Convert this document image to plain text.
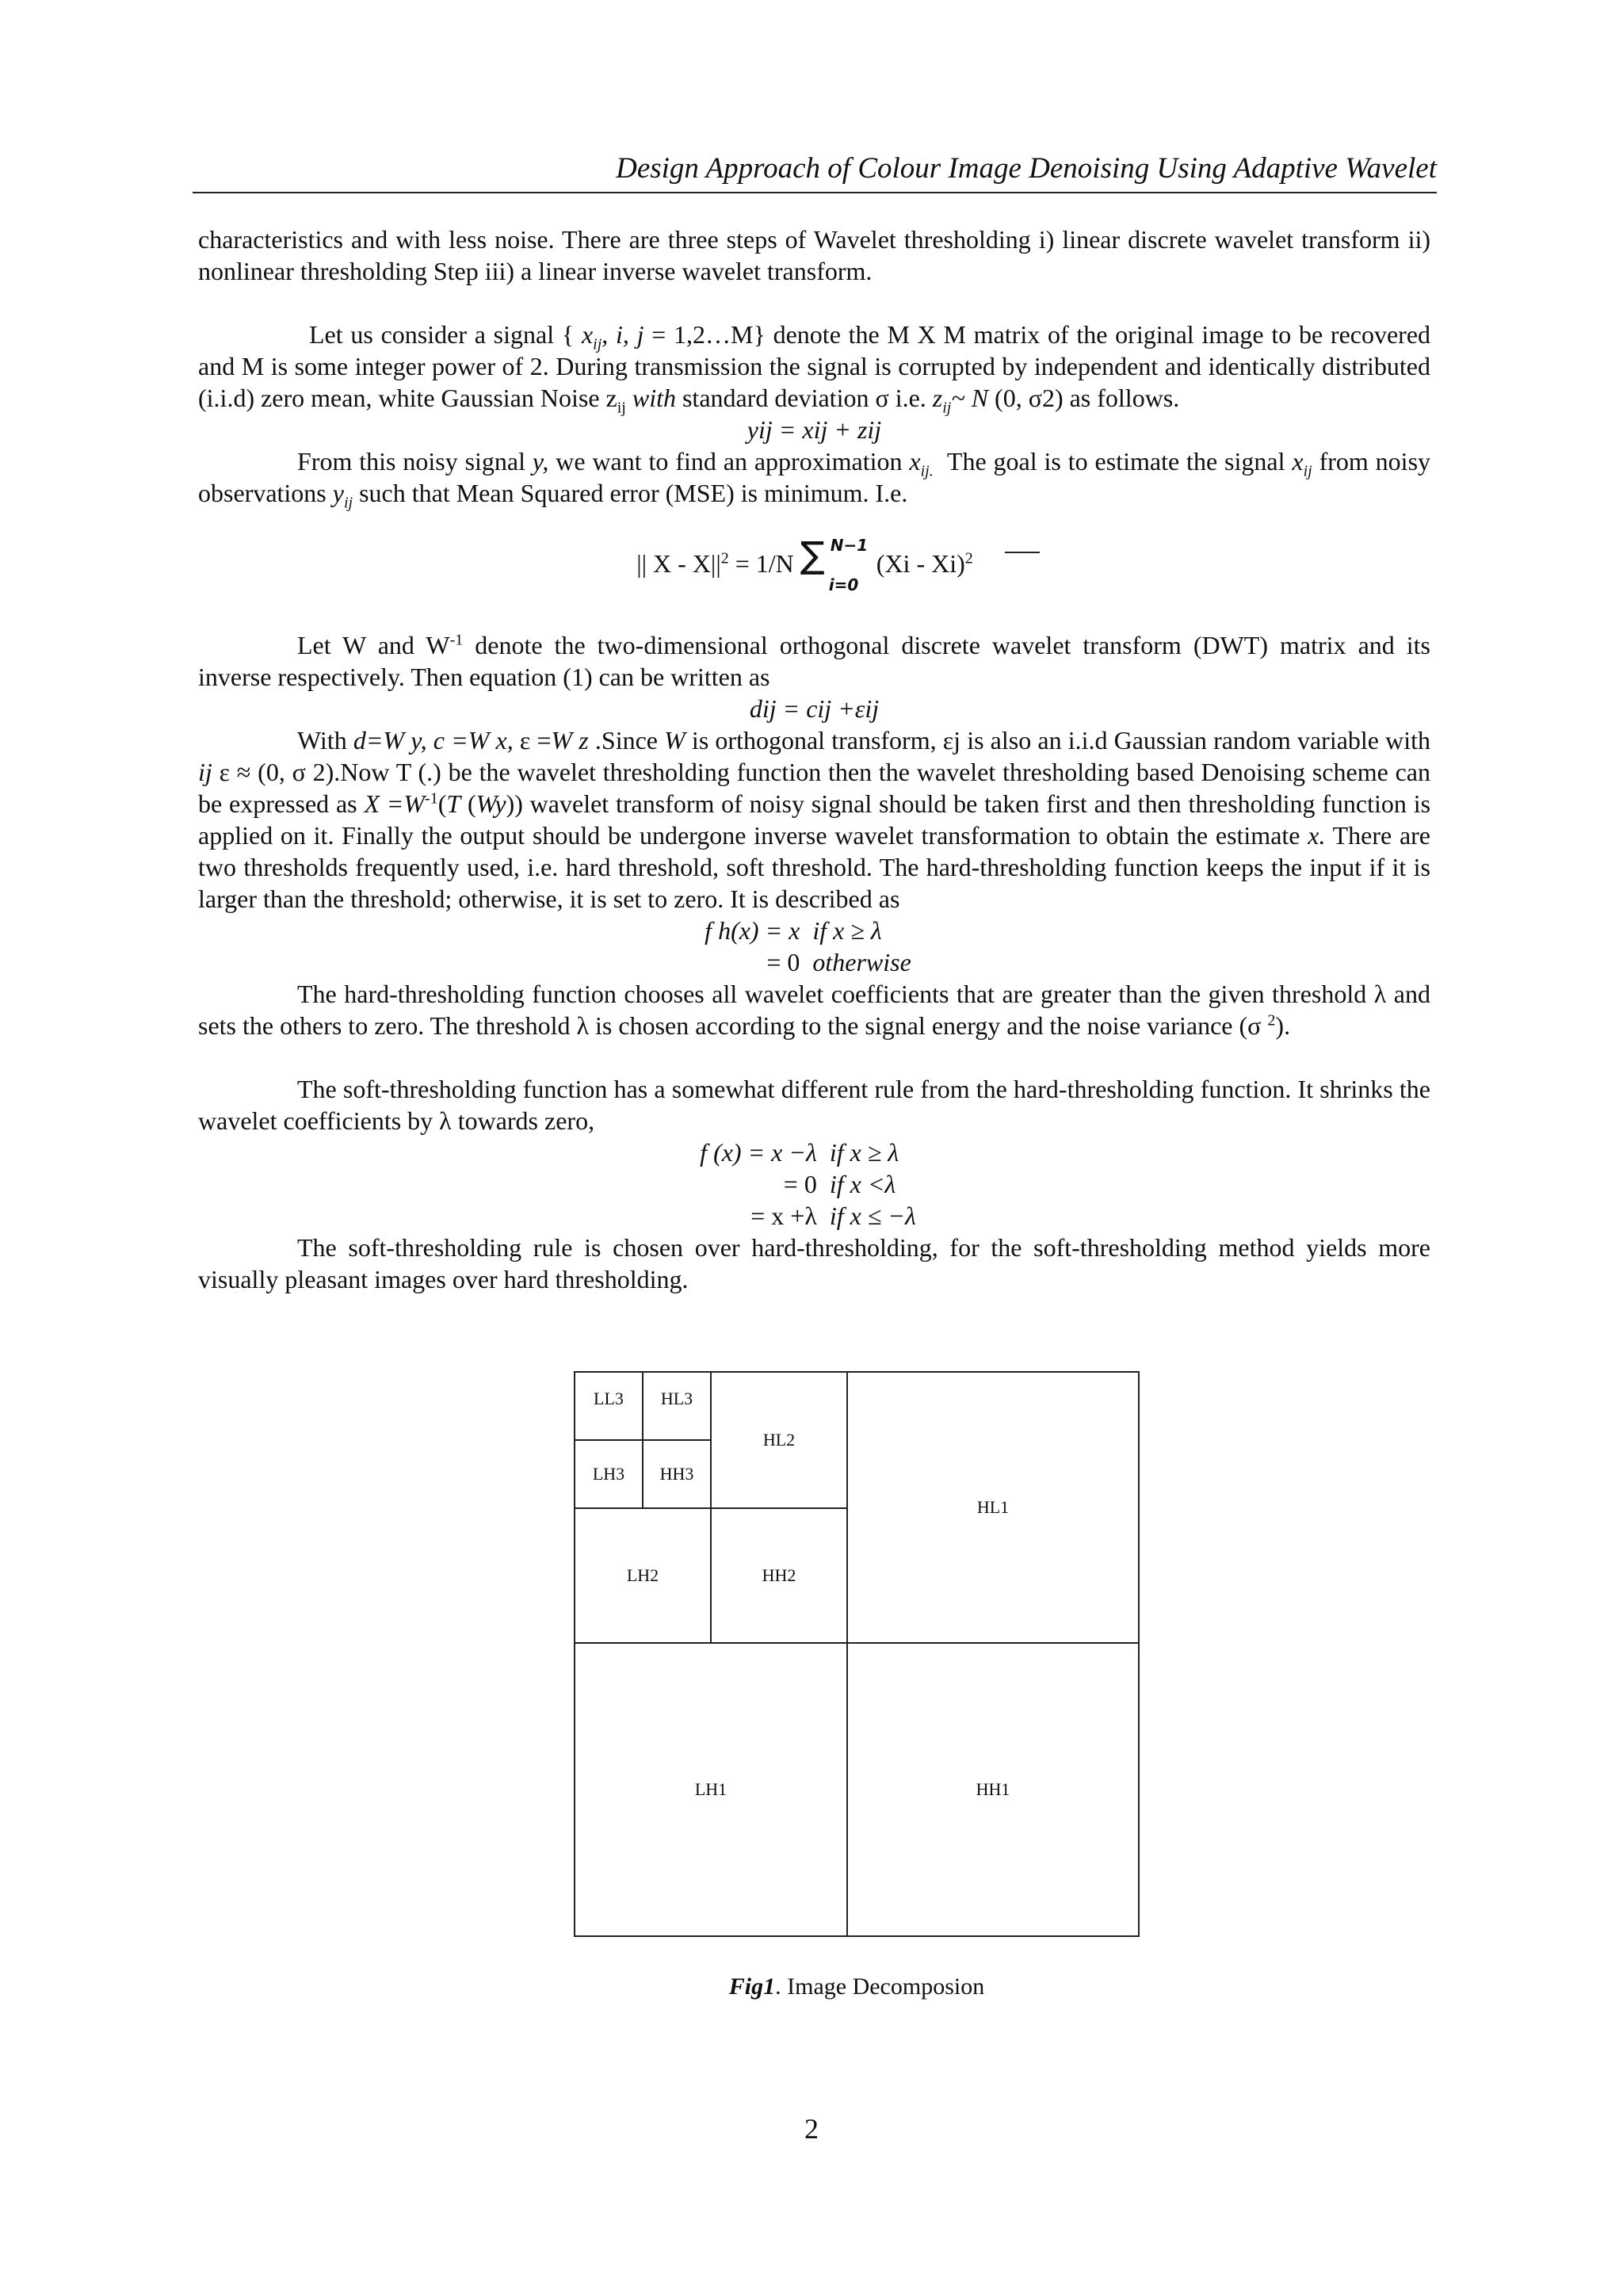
Design Approach of Colour Image Denoising Using Adaptive Wavelet

characteristics and with less noise. There are three steps of Wavelet thresholding i) linear discrete wavelet transform ii) nonlinear thresholding Step iii) a linear inverse wavelet transform.

Let us consider a signal { $x_{ij}$, i, j = 1,2…M} denote the M X M matrix of the original image to be recovered and M is some integer power of 2. During transmission the signal is corrupted by independent and identically distributed (i.i.d) zero mean, white Gaussian Noise $z_{ij}$ with standard deviation σ i.e. $z_{ij}\sim$ N (0, σ2) as follows.

yij = xij + zij

From this noisy signal y, we want to find an approximation $x_{ij.}$ The goal is to estimate the signal $x_{ij}$ from noisy observations $y_{ij}$ such that Mean Squared error (MSE) is minimum. I.e.

|| $X - X||^2 = 1/N$ ∑ N−1
i=0
(Xi - Xi)$^2$

Let W and $W^{-1}$ denote the two-dimensional orthogonal discrete wavelet transform (DWT) matrix and its inverse respectively. Then equation (1) can be written as

dij = cij +εij

With d=W y, c =W x, ε =W z .Since W is orthogonal transform, εj is also an i.i.d Gaussian random variable with ij ε ≈ (0, σ 2).Now T (.) be the wavelet thresholding function then the wavelet thresholding based Denoising scheme can be expressed as $X =W^{-1}(T$ (Wy)) wavelet transform of noisy signal should be taken first and then thresholding function is applied on it. Finally the output should be undergone inverse wavelet transformation to obtain the estimate x. There are two thresholds frequently used, i.e. hard threshold, soft threshold. The hard-thresholding function keeps the input if it is larger than the threshold; otherwise, it is set to zero. It is described as

f h(x) = x	if x ≥ λ
= 0	otherwise

The hard-thresholding function chooses all wavelet coefficients that are greater than the given threshold λ and sets the others to zero. The threshold λ is chosen according to the signal energy and the noise variance (σ $^2$).

The soft-thresholding function has a somewhat different rule from the hard-thresholding function. It shrinks the wavelet coefficients by λ towards zero,

f (x) = x −λ	if x ≥ λ
= 0	if x <λ
= x +λ	if x ≤ −λ

The soft-thresholding rule is chosen over hard-thresholding, for the soft-thresholding method yields more visually pleasant images over hard thresholding.

LL3	HL3
LH3	HH3
HL2
LH2	HH2
HL1
LH1	HH1
Fig1. Image Decomposion
2
